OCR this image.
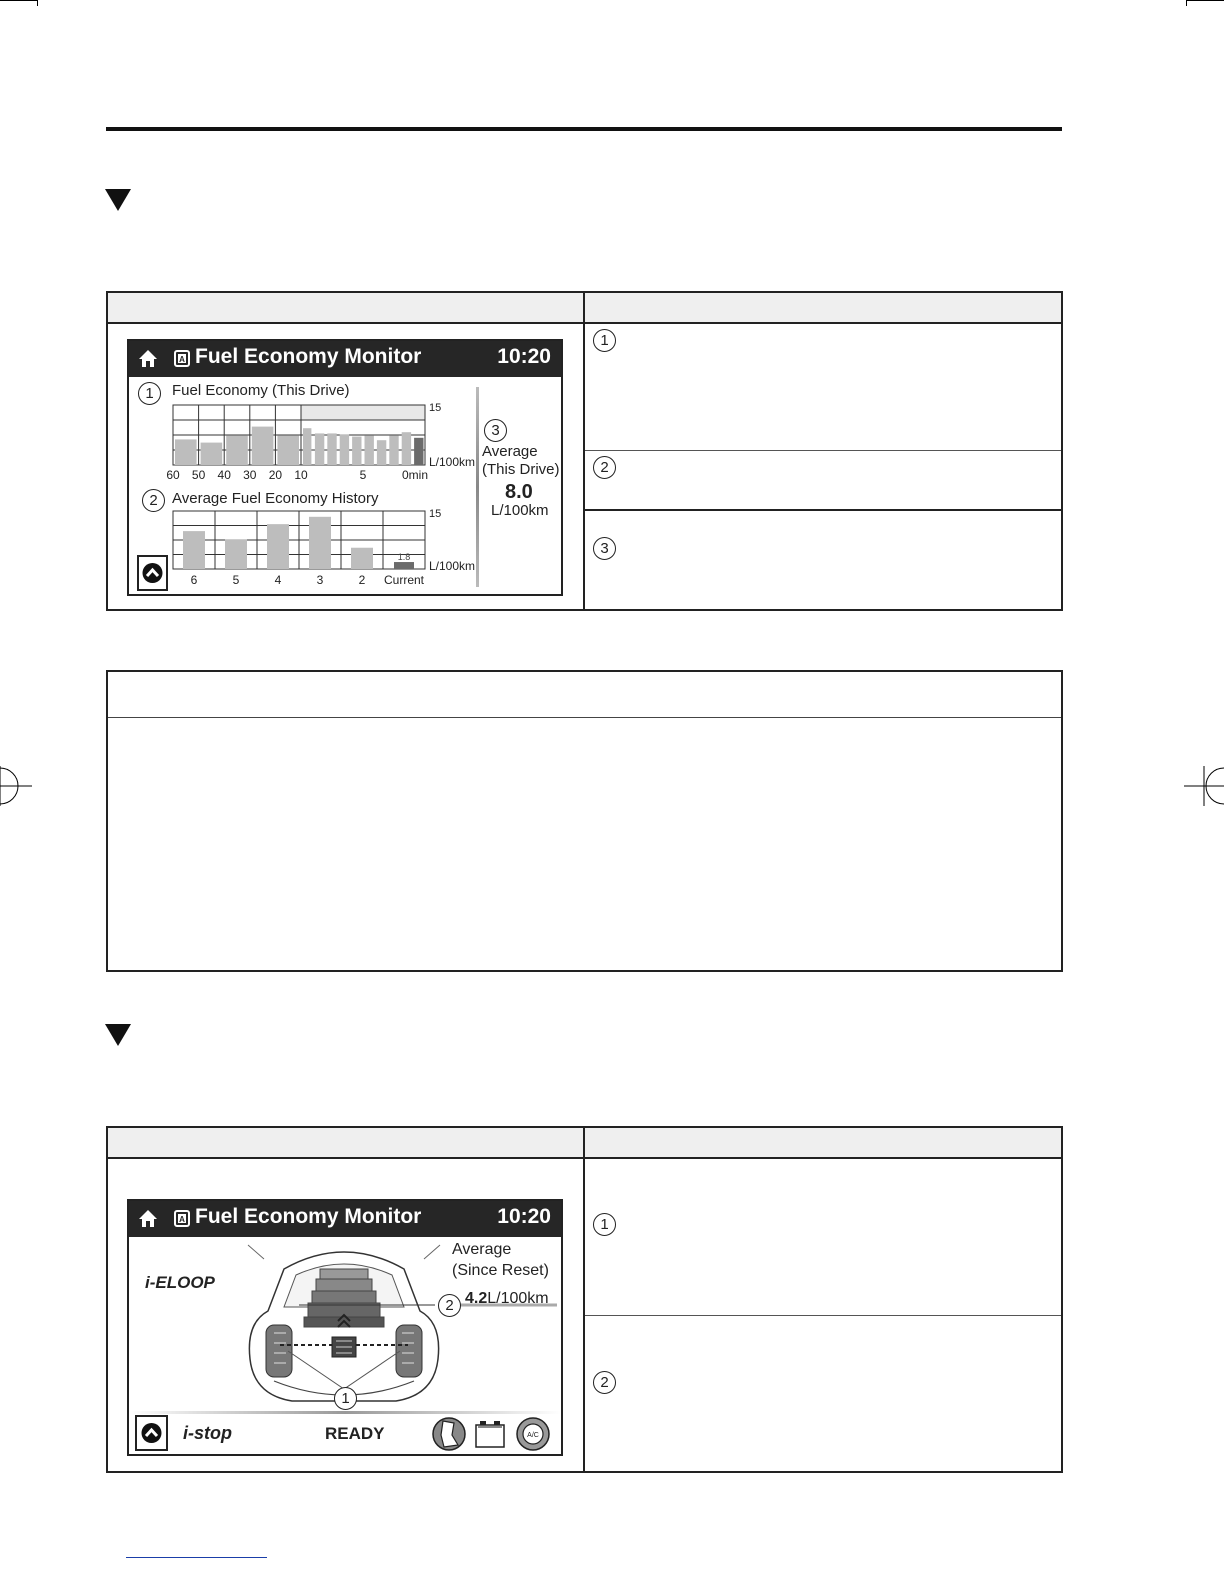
1
2
3
A Fuel Economy Monitor	10:20
1	Fuel Economy (This Drive)
15
L/100km
60 50 40 30 20 10	5	0min
2 Average Fuel Economy History
6	5	4	3	2
1.8
Current
15
L/100km
3
Average
(This Drive)
8.0
L/100km
1
2
A Fuel Economy Monitor	10:20
i-ELOOP
Average
(Since Reset)
4.2L/100km
2
1
i-stop	READY	A/C
